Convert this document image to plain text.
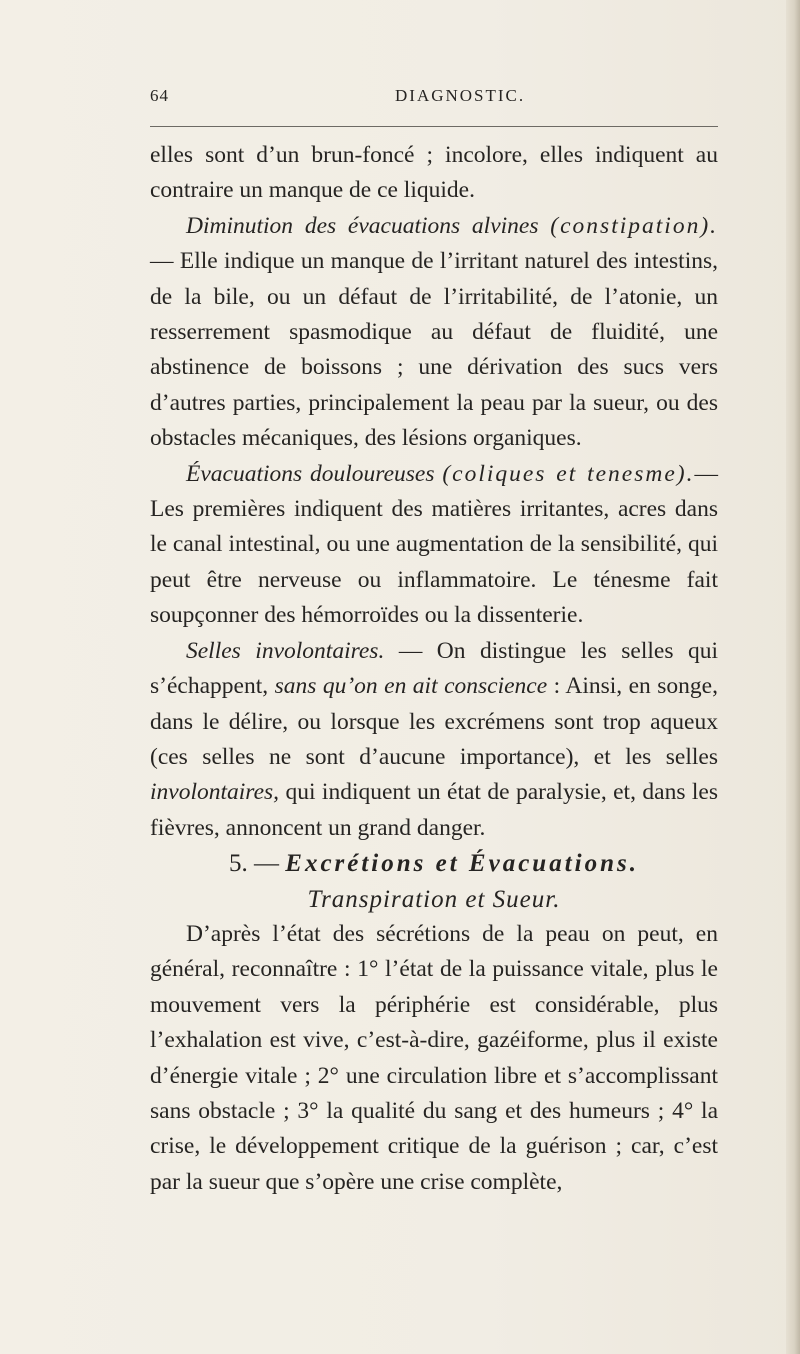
64	DIAGNOSTIC.

elles sont d’un brun-foncé ; incolore, elles indiquent au contraire un manque de ce liquide.

Diminution des évacuations alvines (constipation). — Elle indique un manque de l’irritant naturel des intestins, de la bile, ou un défaut de l’irritabilité, de l’atonie, un resserrement spasmodique au défaut de fluidité, une abstinence de boissons ; une dérivation des sucs vers d’autres parties, principalement la peau par la sueur, ou des obstacles mécaniques, des lésions organiques.

Évacuations douloureuses (coliques et tenesme).— Les premières indiquent des matières irritantes, acres dans le canal intestinal, ou une augmentation de la sensibilité, qui peut être nerveuse ou inflammatoire. Le ténesme fait soupçonner des hémorroïdes ou la dissenterie.

Selles involontaires. — On distingue les selles qui s’échappent, sans qu’on en ait conscience : Ainsi, en songe, dans le délire, ou lorsque les excrémens sont trop aqueux (ces selles ne sont d’aucune importance), et les selles involontaires, qui indiquent un état de paralysie, et, dans les fièvres, annoncent un grand danger.

5. — Excrétions et Évacuations.

Transpiration et Sueur.

D’après l’état des sécrétions de la peau on peut, en général, reconnaître : 1° l’état de la puissance vitale, plus le mouvement vers la périphérie est considérable, plus l’exhalation est vive, c’est-à-dire, gazéiforme, plus il existe d’énergie vitale ; 2° une circulation libre et s’accomplissant sans obstacle ; 3° la qualité du sang et des humeurs ; 4° la crise, le développement critique de la guérison ; car, c’est par la sueur que s’opère une crise complète,
